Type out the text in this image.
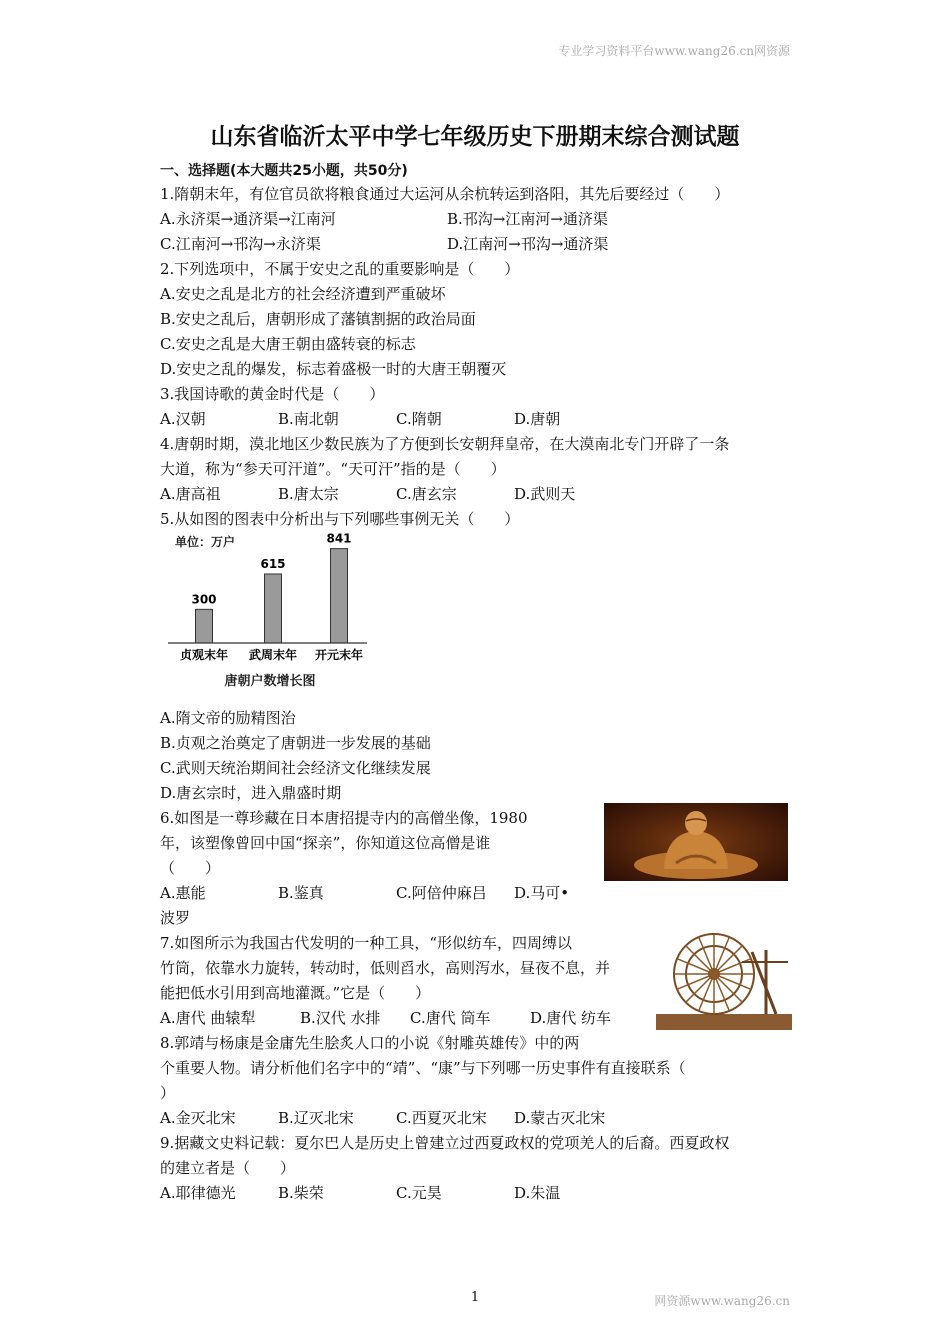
专业学习资料平台www.wang26.cn网资源
山东省临沂太平中学七年级历史下册期末综合测试题
一、选择题(本大题共25小题，共50分)
1.隋朝末年，有位官员欲将粮食通过大运河从余杭转运到洛阳，其先后要经过（　　）
A.永济渠→通济渠→江南河	B.邗沟→江南河→通济渠
C.江南河→邗沟→永济渠	D.江南河→邗沟→通济渠
2.下列选项中，不属于安史之乱的重要影响是（　　）
A.安史之乱是北方的社会经济遭到严重破坏
B.安史之乱后，唐朝形成了藩镇割据的政治局面
C.安史之乱是大唐王朝由盛转衰的标志
D.安史之乱的爆发，标志着盛极一时的大唐王朝覆灭
3.我国诗歌的黄金时代是（　　）
A.汉朝	B.南北朝	C.隋朝	D.唐朝
4.唐朝时期，漠北地区少数民族为了方便到长安朝拜皇帝，在大漠南北专门开辟了一条
大道，称为“参天可汗道”。“天可汗”指的是（　　）
A.唐高祖	B.唐太宗	C.唐玄宗	D.武则天
5.从如图的图表中分析出与下列哪些事例无关（　　）
单位：万户
300
贞观末年
615
武周末年
841
开元末年
唐朝户数增长图
A.隋文帝的励精图治
B.贞观之治奠定了唐朝进一步发展的基础
C.武则天统治期间社会经济文化继续发展
D.唐玄宗时，进入鼎盛时期
6.如图是一尊珍藏在日本唐招提寺内的高僧坐像，1980
年，该塑像曾回中国“探亲”，你知道这位高僧是谁
（　　）
A.惠能	B.鉴真	C.阿倍仲麻吕 D.马可•
波罗
7.如图所示为我国古代发明的一种工具，“形似纺车，四周缚以
竹筒，依靠水力旋转，转动时，低则舀水，高则泻水，昼夜不息，并
能把低水引用到高地灌溉。”它是（　　）
A.唐代 曲辕犁	B.汉代 水排 C.唐代 筒车	D.唐代 纺车
8.郭靖与杨康是金庸先生脍炙人口的小说《射雕英雄传》中的两
个重要人物。请分析他们名字中的“靖”、“康”与下列哪一历史事件有直接联系（
）
A.金灭北宋	B.辽灭北宋	C.西夏灭北宋 D.蒙古灭北宋
9.据藏文史料记载：夏尔巴人是历史上曾建立过西夏政权的党项羌人的后裔。西夏政权
的建立者是（　　）
A.耶律德光	B.柴荣	C.元昊	D.朱温
1	网资源www.wang26.cn
